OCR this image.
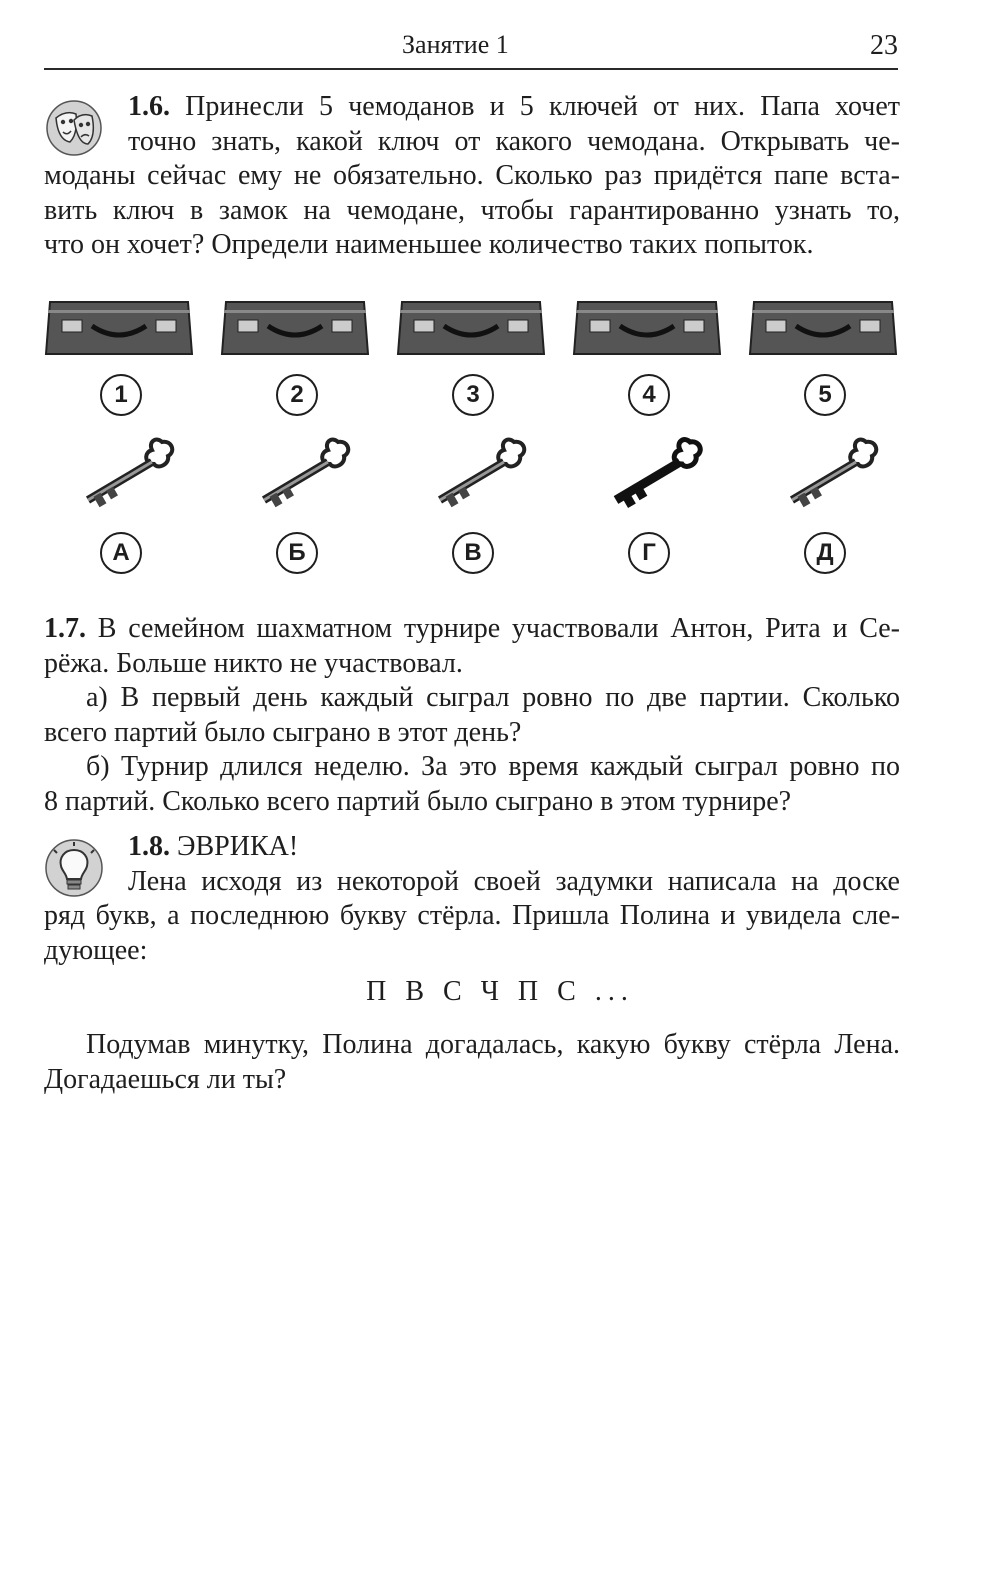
Занятие 1	23
1.6. Принесли 5 чемоданов и 5 ключей от них. Папа хочет
точно знать, какой ключ от какого чемодана. Открывать че-
моданы сейчас ему не обязательно. Сколько раз придётся папе вста-
вить ключ в замок на чемодане, чтобы гарантированно узнать то,
что он хочет? Определи наименьшее количество таких попыток.
1	2	3	4	5
А	Б	В	Г	Д
1.7. В семейном шахматном турнире участвовали Антон, Рита и Се-
рёжа. Больше никто не участвовал.
а) В первый день каждый сыграл ровно по две партии. Сколько
всего партий было сыграно в этот день?
б) Турнир длился неделю. За это время каждый сыграл ровно по
8 партий. Сколько всего партий было сыграно в этом турнире?
1.8. ЭВРИКА!
Лена исходя из некоторой своей задумки написала на доске
ряд букв, а последнюю букву стёрла. Пришла Полина и увидела сле-
дующее:
П В С Ч П С ...
Подумав минутку, Полина догадалась, какую букву стёрла Лена.
Догадаешься ли ты?
